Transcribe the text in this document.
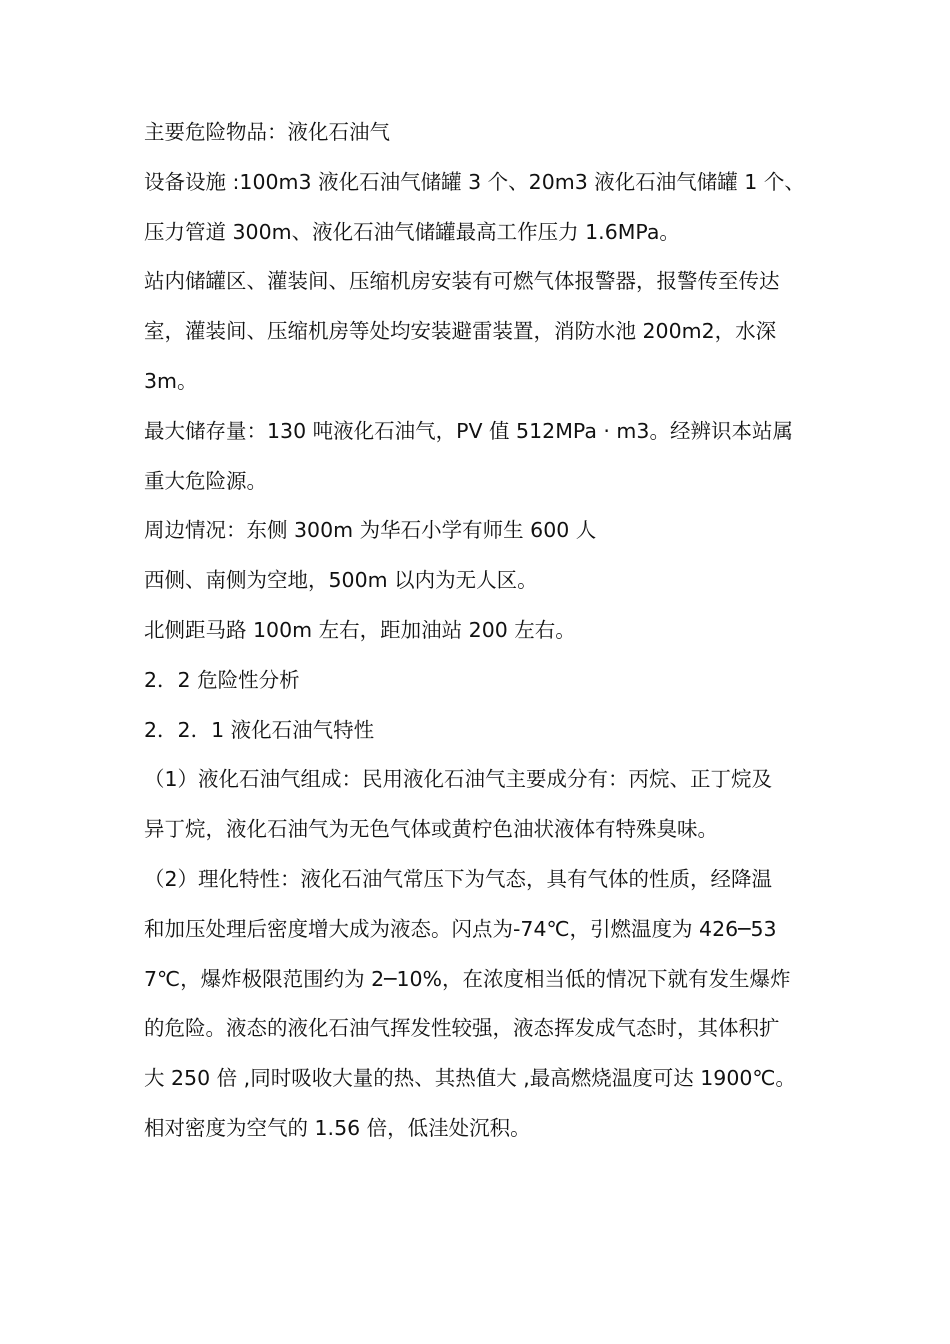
主要危险物品：液化石油气
设备设施 :100m3 液化石油气储罐 3 个、20m3 液化石油气储罐 1 个、
压力管道 300m、液化石油气储罐最高工作压力 1.6MPa。
站内储罐区、灌装间、压缩机房安装有可燃气体报警器，报警传至传达
室，灌装间、压缩机房等处均安装避雷装置，消防水池 200m2，水深
3m。
最大储存量：130 吨液化石油气，PV 值 512MPa · m3。经辨识本站属
重大危险源。
周边情况：东侧 300m 为华石小学有师生 600 人
西侧、南侧为空地，500m 以内为无人区。
北侧距马路 100m 左右，距加油站 200 左右。
2．2 危险性分析
2．2．1 液化石油气特性
（1）液化石油气组成：民用液化石油气主要成分有：丙烷、正丁烷及
异丁烷，液化石油气为无色气体或黄柠色油状液体有特殊臭味。
（2）理化特性：液化石油气常压下为气态，具有气体的性质，经降温
和加压处理后密度增大成为液态。闪点为-74℃，引燃温度为 426─53
7℃，爆炸极限范围约为 2─10%，在浓度相当低的情况下就有发生爆炸
的危险。液态的液化石油气挥发性较强，液态挥发成气态时，其体积扩
大 250 倍 ,同时吸收大量的热、其热值大 ,最高燃烧温度可达 1900℃。
相对密度为空气的 1.56 倍，低洼处沉积。
